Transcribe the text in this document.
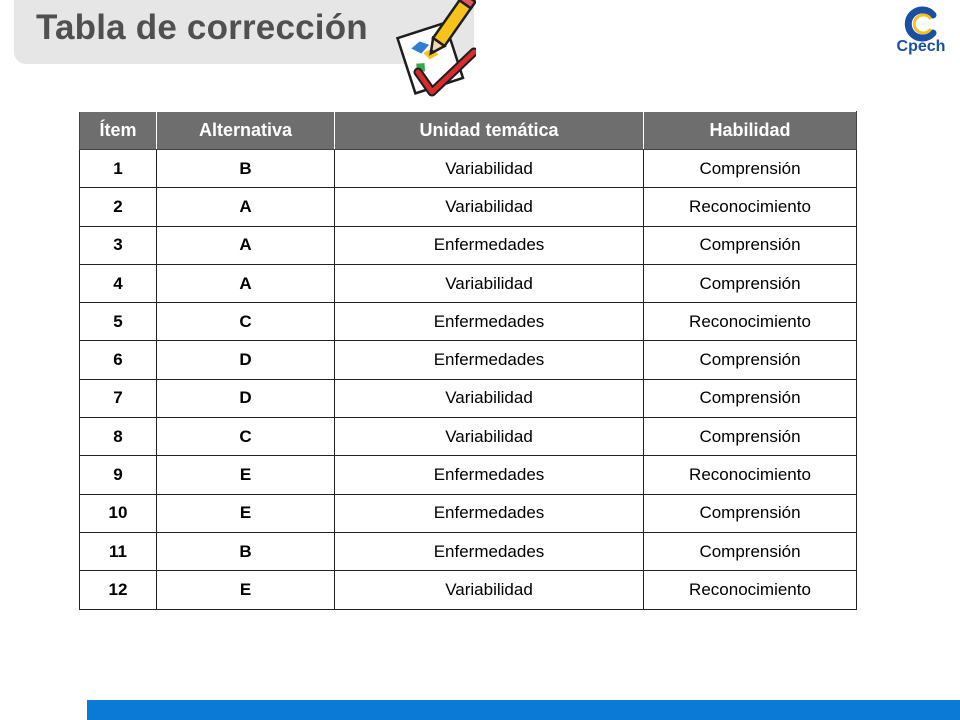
Tabla de corrección	Cpech
Ítem	Alternativa	Unidad temática	Habilidad
1	B	Variabilidad	Comprensión
2	A	Variabilidad	Reconocimiento
3	A	Enfermedades	Comprensión
4	A	Variabilidad	Comprensión
5	C	Enfermedades	Reconocimiento
6	D	Enfermedades	Comprensión
7	D	Variabilidad	Comprensión
8	C	Variabilidad	Comprensión
9	E	Enfermedades	Reconocimiento
10	E	Enfermedades	Comprensión
11	B	Enfermedades	Comprensión
12	E	Variabilidad	Reconocimiento
